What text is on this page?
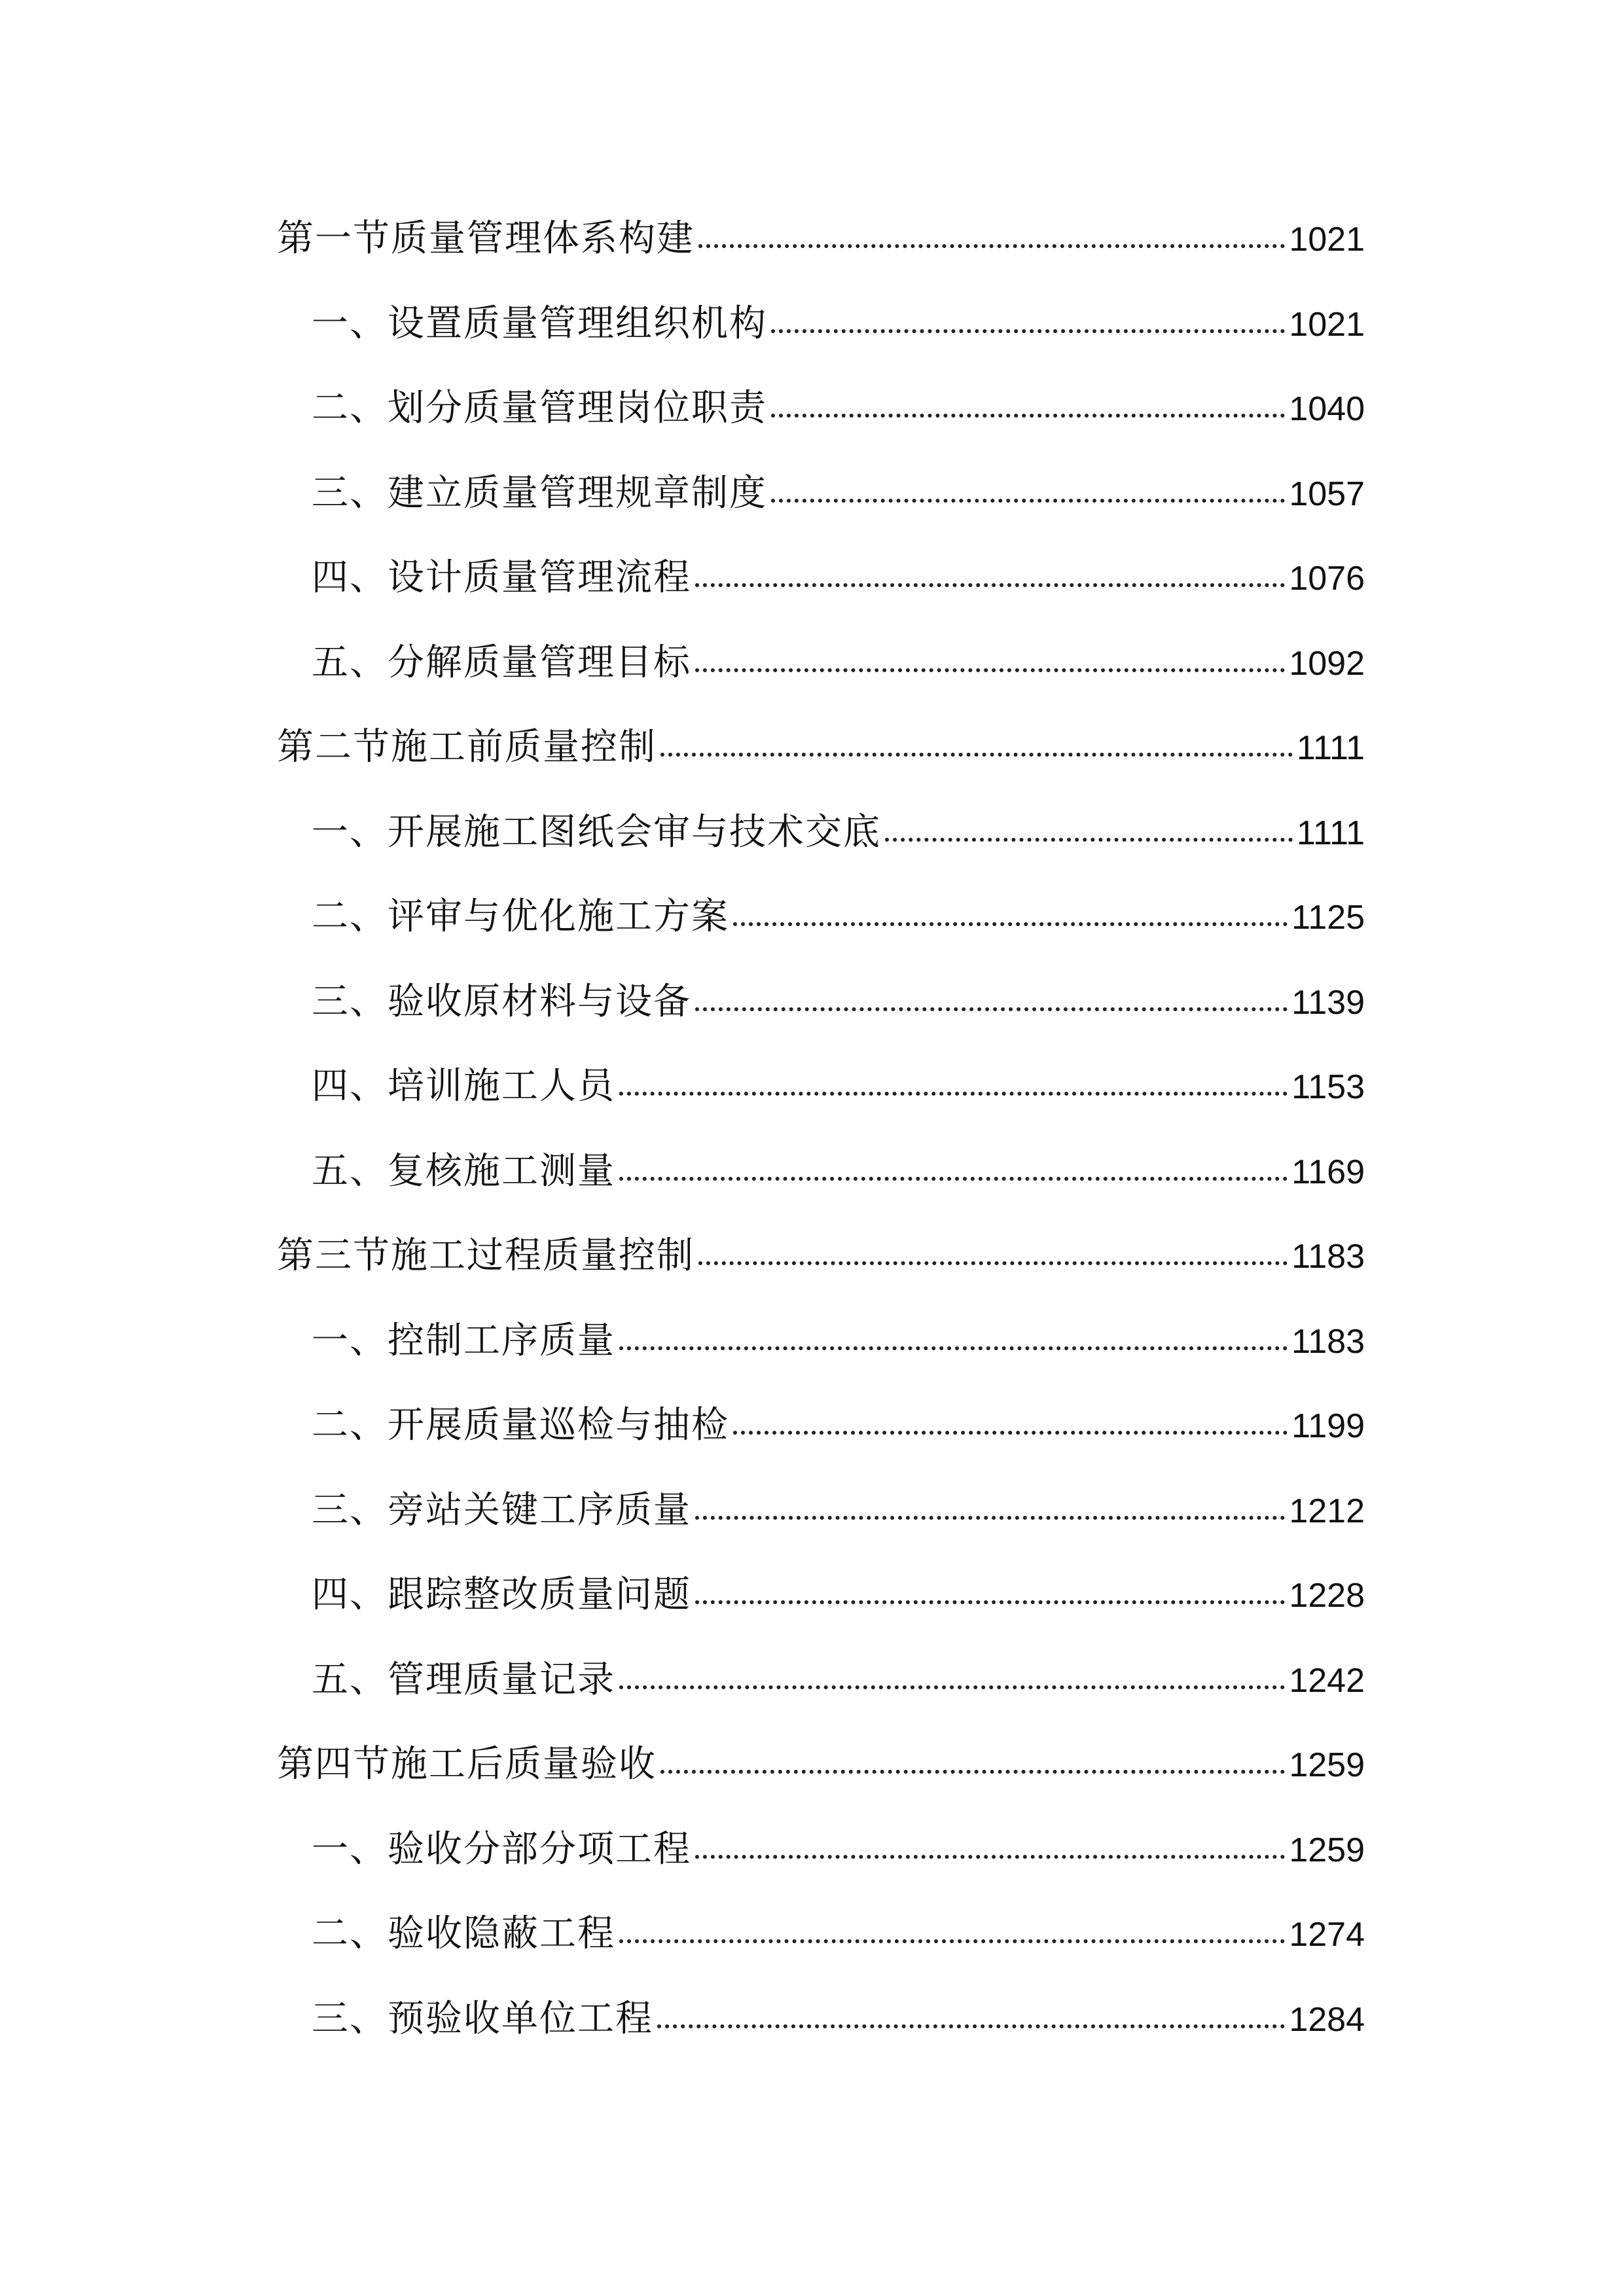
第一节质量管理体系构建	1021
一、设置质量管理组织机构	1021
二、划分质量管理岗位职责	1040
三、建立质量管理规章制度	1057
四、设计质量管理流程	1076
五、分解质量管理目标	1092
第二节施工前质量控制	1111
一、开展施工图纸会审与技术交底	1111
二、评审与优化施工方案	1125
三、验收原材料与设备	1139
四、培训施工人员	1153
五、复核施工测量	1169
第三节施工过程质量控制	1183
一、控制工序质量	1183
二、开展质量巡检与抽检	1199
三、旁站关键工序质量	1212
四、跟踪整改质量问题	1228
五、管理质量记录	1242
第四节施工后质量验收	1259
一、验收分部分项工程	1259
二、验收隐蔽工程	1274
三、预验收单位工程	1284
